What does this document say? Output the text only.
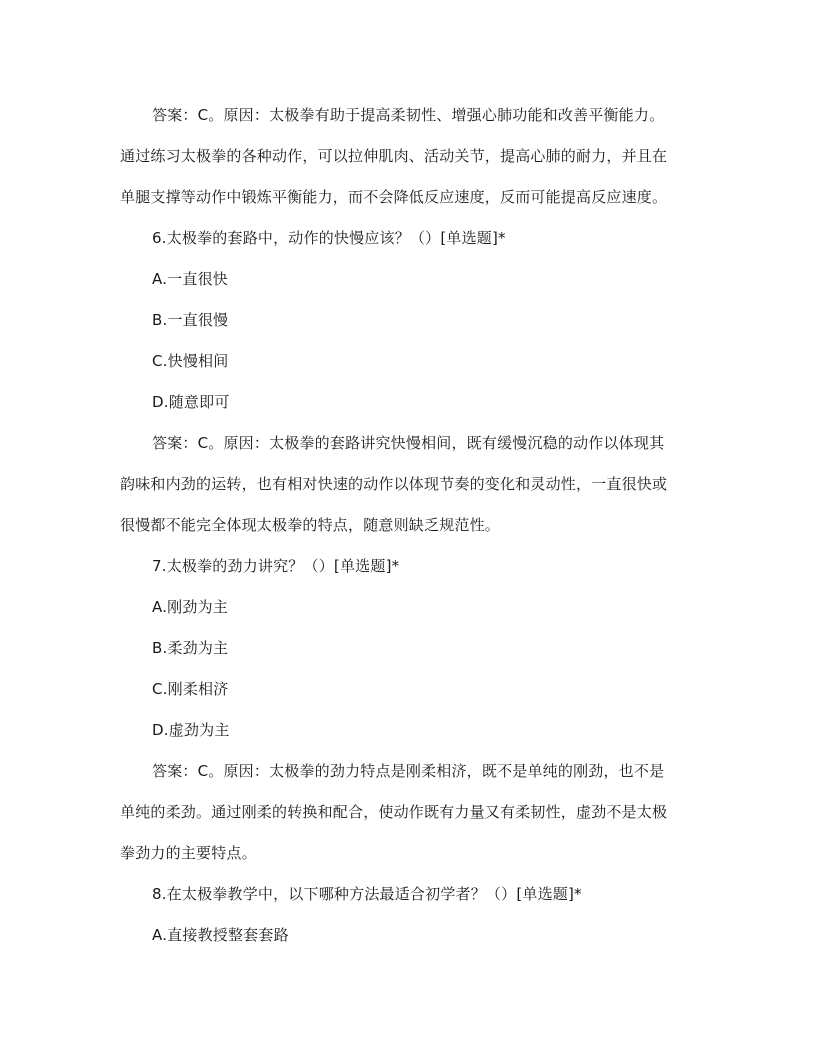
答案：C。原因：太极拳有助于提高柔韧性、增强心肺功能和改善平衡能力。
通过练习太极拳的各种动作，可以拉伸肌肉、活动关节，提高心肺的耐力，并且在
单腿支撑等动作中锻炼平衡能力，而不会降低反应速度，反而可能提高反应速度。

6.太极拳的套路中，动作的快慢应该？（）[单选题]*

A.一直很快

B.一直很慢

C.快慢相间

D.随意即可

答案：C。原因：太极拳的套路讲究快慢相间，既有缓慢沉稳的动作以体现其
韵味和内劲的运转，也有相对快速的动作以体现节奏的变化和灵动性，一直很快或
很慢都不能完全体现太极拳的特点，随意则缺乏规范性。

7.太极拳的劲力讲究？（）[单选题]*

A.刚劲为主

B.柔劲为主

C.刚柔相济

D.虚劲为主

答案：C。原因：太极拳的劲力特点是刚柔相济，既不是单纯的刚劲，也不是
单纯的柔劲。通过刚柔的转换和配合，使动作既有力量又有柔韧性，虚劲不是太极
拳劲力的主要特点。

8.在太极拳教学中，以下哪种方法最适合初学者？（）[单选题]*

A.直接教授整套套路
